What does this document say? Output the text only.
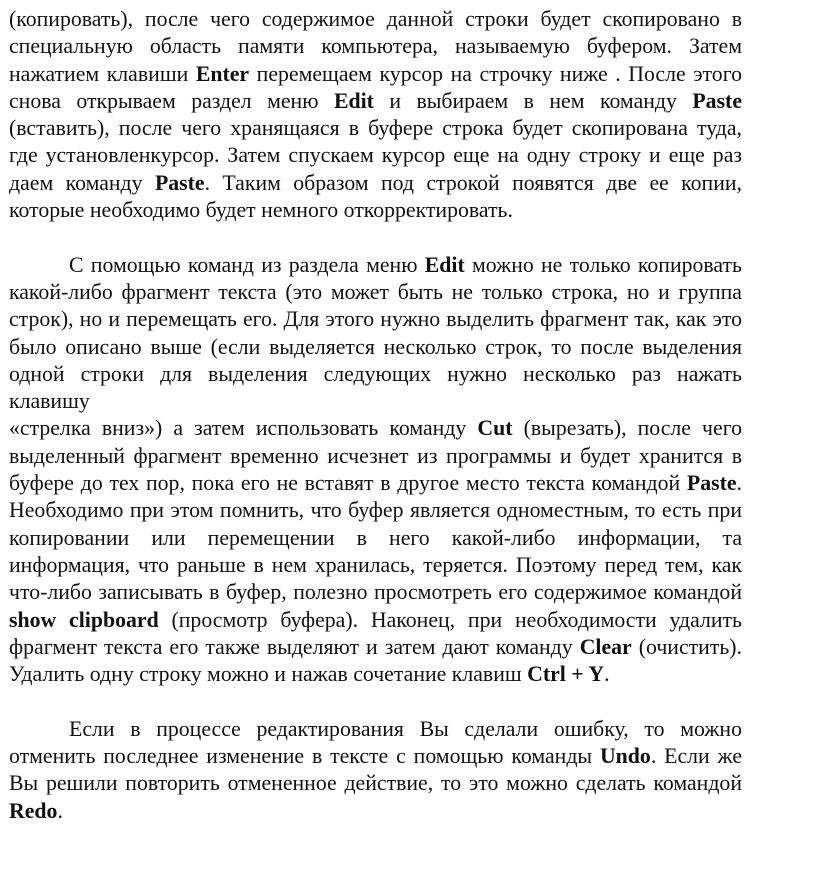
(копировать), после чего содержимое данной строки будет скопировано в специальную область памяти компьютера, называемую буфером. Затем нажатием клавиши Enter перемещаем курсор на строчку ниже . После этого снова открываем раздел меню Edit и выбираем в нем команду Paste (вставить), после чего хранящаяся в буфере строка будет скопирована туда, где установленкурсор. Затем спускаем курсор еще на одну строку и еще раз даем команду Paste. Таким образом под строкой появятся две ее копии, которые необходимо будет немного откорректировать.

С помощью команд из раздела меню Edit можно не только копировать какой-либо фрагмент текста (это может быть не только строка, но и группа строк), но и перемещать его. Для этого нужно выделить фрагмент так, как это было описано выше (если выделяется несколько строк, то после выделения одной строки для выделения следующих нужно несколько раз нажать клавишу
«стрелка вниз») а затем использовать команду Cut (вырезать), после чего выделенный фрагмент временно исчезнет из программы и будет хранится в буфере до тех пор, пока его не вставят в другое место текста командой Paste. Необходимо при этом помнить, что буфер является одноместным, то есть при копировании или перемещении в него какой-либо информации, та информация, что раньше в нем хранилась, теряется. Поэтому перед тем, как что-либо записывать в буфер, полезно просмотреть его содержимое командой show clipboard (просмотр буфера). Наконец, при необходимости удалить фрагмент текста его также выделяют и затем дают команду Clear (очистить). Удалить одну строку можно и нажав сочетание клавиш Ctrl + Y.

Если в процессе редактирования Вы сделали ошибку, то можно отменить последнее изменение в тексте с помощью команды Undo. Если же Вы решили повторить отмененное действие, то это можно сделать командой Redo.
